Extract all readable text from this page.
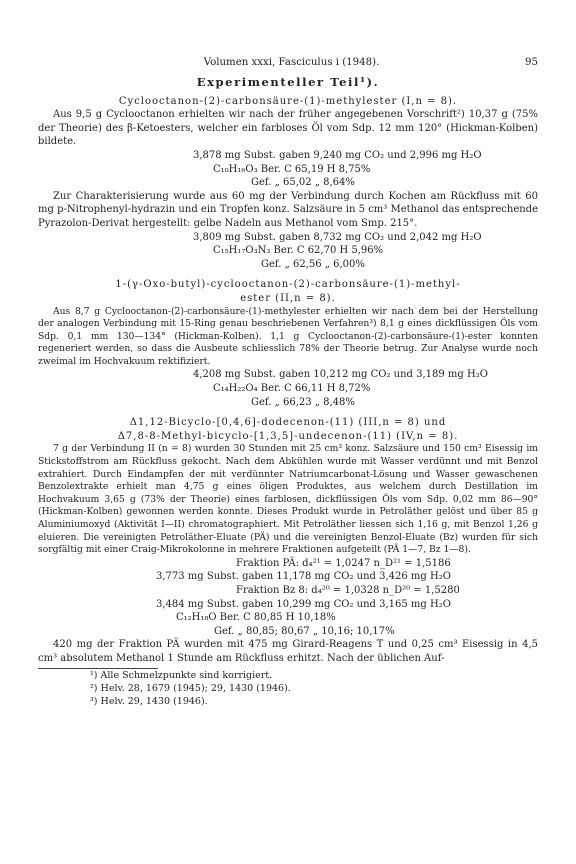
Volumen xxxi, Fasciculus i (1948).	95
Experimenteller Teil¹).
Cyclooctanon-(2)-carbonsäure-(1)-methylester (I,n = 8).

Aus 9,5 g Cyclooctanon erhielten wir nach der früher angegebenen Vorschrift²) 10,37 g (75% der Theorie) des β-Ketoesters, welcher ein farbloses Öl vom Sdp. 12 mm 120° (Hickman-Kolben) bildete.

3,878 mg Subst. gaben 9,240 mg CO₂ und 2,996 mg H₂O
C₁₀H₁₆O₃ Ber. C 65,19 H 8,75%
Gef. „ 65,02 „ 8,64%

Zur Charakterisierung wurde aus 60 mg der Verbindung durch Kochen am Rückfluss mit 60 mg p-Nitrophenyl-hydrazin und ein Tropfen konz. Salzsäure in 5 cm³ Methanol das entsprechende Pyrazolon-Derivat hergestellt: gelbe Nadeln aus Methanol vom Smp. 215°.

3,809 mg Subst. gaben 8,732 mg CO₂ und 2,042 mg H₂O
C₁₅H₁₇O₃N₃ Ber. C 62,70 H 5,96%
Gef. „ 62,56 „ 6,00%
1-(γ-Oxo-butyl)-cyclooctanon-(2)-carbonsäure-(1)-methyl-
ester (II,n = 8).

Aus 8,7 g Cyclooctanon-(2)-carbonsäure-(1)-methylester erhielten wir nach dem bei der Herstellung der analogen Verbindung mit 15-Ring genau beschriebenen Verfahren³) 8,1 g eines dickflüssigen Öls vom Sdp. 0,1 mm 130—134° (Hickman-Kolben). 1,1 g Cyclooctanon-(2)-carbonsäure-(1)-ester konnten regeneriert werden, so dass die Ausbeute schliesslich 78% der Theorie betrug. Zur Analyse wurde noch zweimal im Hochvakuum rektifiziert.

4,208 mg Subst. gaben 10,212 mg CO₂ und 3,189 mg H₂O
C₁₄H₂₂O₄ Ber. C 66,11 H 8,72%
Gef. „ 66,23 „ 8,48%
Δ1,12-Bicyclo-[0,4,6]-dodecenon-(11) (III,n = 8) und
Δ7,8-8-Methyl-bicyclo-[1,3,5]-undecenon-(11) (IV,n = 8).

7 g der Verbindung II (n = 8) wurden 30 Stunden mit 25 cm³ konz. Salzsäure und 150 cm³ Eisessig im Stickstoffstrom am Rückfluss gekocht. Nach dem Abkühlen wurde mit Wasser verdünnt und mit Benzol extrahiert. Durch Eindampfen der mit verdünnter Natriumcarbonat-Lösung und Wasser gewaschenen Benzolextrakte erhielt man 4,75 g eines öligen Produktes, aus welchem durch Destillation im Hochvakuum 3,65 g (73% der Theorie) eines farblosen, dickflüssigen Öls vom Sdp. 0,02 mm 86—90° (Hickman-Kolben) gewonnen werden konnte. Dieses Produkt wurde in Petroläther gelöst und über 85 g Aluminiumoxyd (Aktivität I—II) chromatographiert. Mit Petroläther liessen sich 1,16 g, mit Benzol 1,26 g eluieren. Die vereinigten Petroläther-Eluate (PÄ) und die vereinigten Benzol-Eluate (Bz) wurden für sich sorgfältig mit einer Craig-Mikrokolonne in mehrere Fraktionen aufgeteilt (PÄ 1—7, Bz 1—8).

Fraktion PÄ: d₄²¹ = 1,0247 n_D²¹ = 1,5186
3,773 mg Subst. gaben 11,178 mg CO₂ und 3,426 mg H₂O
Fraktion Bz 8: d₄²⁰ = 1,0328 n_D²⁰ = 1,5280
3,484 mg Subst. gaben 10,299 mg CO₂ und 3,165 mg H₂O
C₁₂H₁₈O Ber. C 80,85 H 10,18%
Gef. „ 80,85; 80,67 „ 10,16; 10,17%

420 mg der Fraktion PÄ wurden mit 475 mg Girard-Reagens T und 0,25 cm³ Eisessig in 4,5 cm³ absolutem Methanol 1 Stunde am Rückfluss erhitzt. Nach der üblichen Auf-

¹) Alle Schmelzpunkte sind korrigiert.
²) Helv. 28, 1679 (1945); 29, 1430 (1946).
³) Helv. 29, 1430 (1946).
